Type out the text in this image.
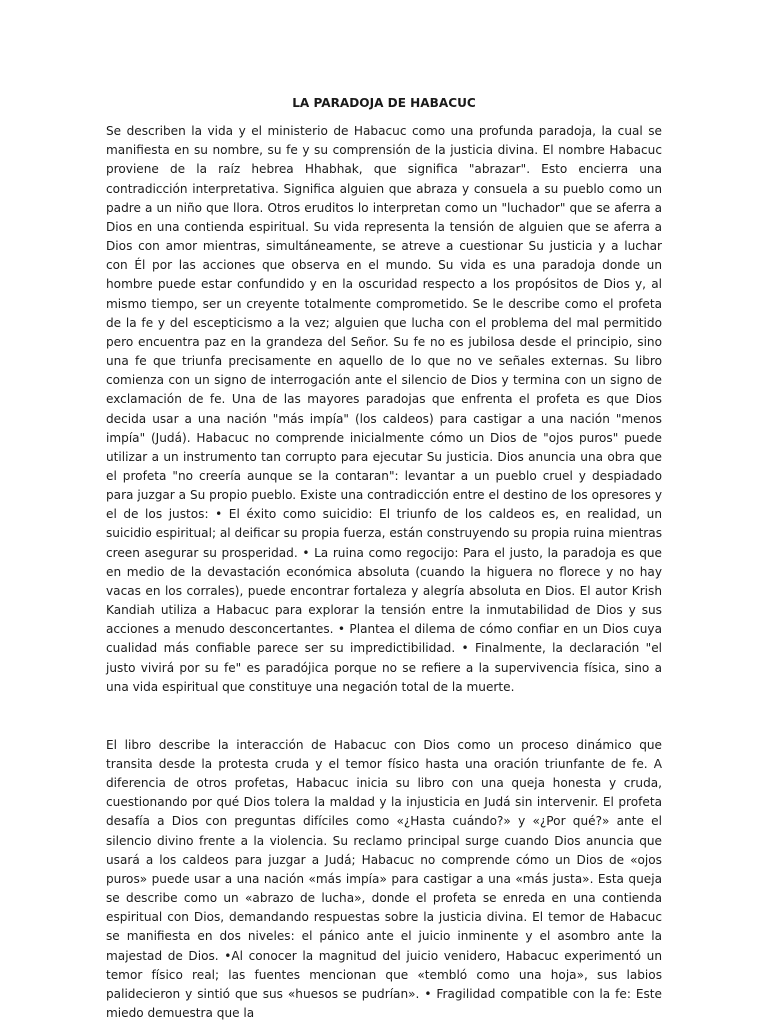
LA PARADOJA DE HABACUC

Se describen la vida y el ministerio de Habacuc como una profunda paradoja, la cual se manifiesta en su nombre, su fe y su comprensión de la justicia divina. El nombre Habacuc proviene de la raíz hebrea Hhabhak, que significa "abrazar". Esto encierra una contradicción interpretativa. Significa alguien que abraza y consuela a su pueblo como un padre a un niño que llora. Otros eruditos lo interpretan como un "luchador" que se aferra a Dios en una contienda espiritual. Su vida representa la tensión de alguien que se aferra a Dios con amor mientras, simultáneamente, se atreve a cuestionar Su justicia y a luchar con Él por las acciones que observa en el mundo. Su vida es una paradoja donde un hombre puede estar confundido y en la oscuridad respecto a los propósitos de Dios y, al mismo tiempo, ser un creyente totalmente comprometido. Se le describe como el profeta de la fe y del escepticismo a la vez; alguien que lucha con el problema del mal permitido pero encuentra paz en la grandeza del Señor. Su fe no es jubilosa desde el principio, sino una fe que triunfa precisamente en aquello de lo que no ve señales externas. Su libro comienza con un signo de interrogación ante el silencio de Dios y termina con un signo de exclamación de fe. Una de las mayores paradojas que enfrenta el profeta es que Dios decida usar a una nación "más impía" (los caldeos) para castigar a una nación "menos impía" (Judá). Habacuc no comprende inicialmente cómo un Dios de "ojos puros" puede utilizar a un instrumento tan corrupto para ejecutar Su justicia. Dios anuncia una obra que el profeta "no creería aunque se la contaran": levantar a un pueblo cruel y despiadado para juzgar a Su propio pueblo. Existe una contradicción entre el destino de los opresores y el de los justos: • El éxito como suicidio: El triunfo de los caldeos es, en realidad, un suicidio espiritual; al deificar su propia fuerza, están construyendo su propia ruina mientras creen asegurar su prosperidad. • La ruina como regocijo: Para el justo, la paradoja es que en medio de la devastación económica absoluta (cuando la higuera no florece y no hay vacas en los corrales), puede encontrar fortaleza y alegría absoluta en Dios. El autor Krish Kandiah utiliza a Habacuc para explorar la tensión entre la inmutabilidad de Dios y sus acciones a menudo desconcertantes. • Plantea el dilema de cómo confiar en un Dios cuya cualidad más confiable parece ser su impredictibilidad. • Finalmente, la declaración "el justo vivirá por su fe" es paradójica porque no se refiere a la supervivencia física, sino a una vida espiritual que constituye una negación total de la muerte.

El libro describe la interacción de Habacuc con Dios como un proceso dinámico que transita desde la protesta cruda y el temor físico hasta una oración triunfante de fe. A diferencia de otros profetas, Habacuc inicia su libro con una queja honesta y cruda, cuestionando por qué Dios tolera la maldad y la injusticia en Judá sin intervenir. El profeta desafía a Dios con preguntas difíciles como «¿Hasta cuándo?» y «¿Por qué?» ante el silencio divino frente a la violencia. Su reclamo principal surge cuando Dios anuncia que usará a los caldeos para juzgar a Judá; Habacuc no comprende cómo un Dios de «ojos puros» puede usar a una nación «más impía» para castigar a una «más justa». Esta queja se describe como un «abrazo de lucha», donde el profeta se enreda en una contienda espiritual con Dios, demandando respuestas sobre la justicia divina. El temor de Habacuc se manifiesta en dos niveles: el pánico ante el juicio inminente y el asombro ante la majestad de Dios. •Al conocer la magnitud del juicio venidero, Habacuc experimentó un temor físico real; las fuentes mencionan que «tembló como una hoja», sus labios palidecieron y sintió que sus «huesos se pudrían». • Fragilidad compatible con la fe: Este miedo demuestra que la
